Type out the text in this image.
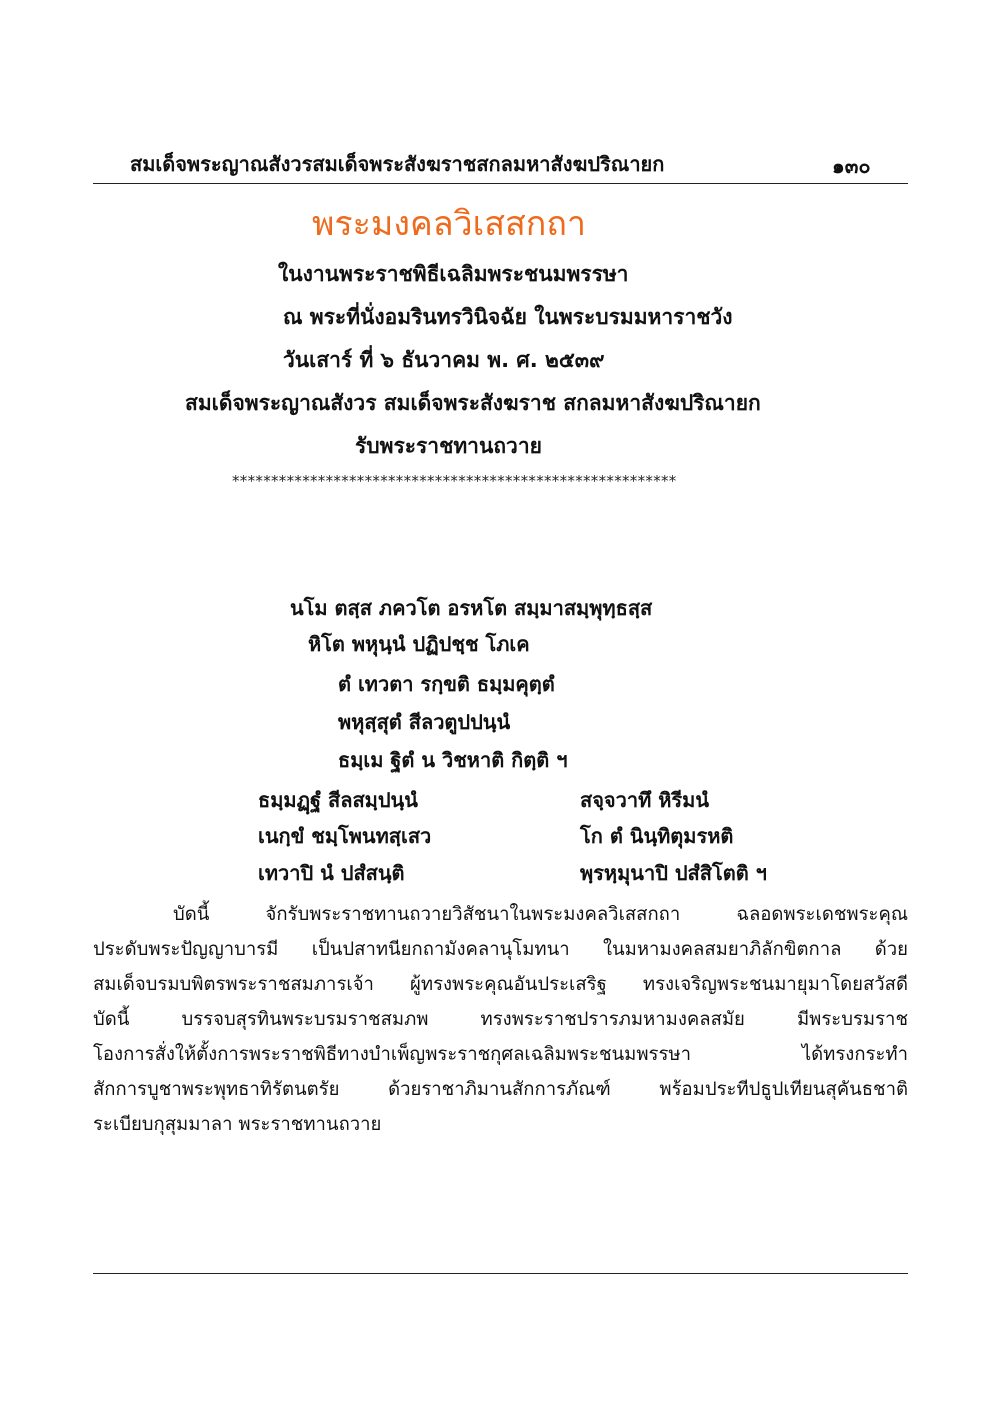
สมเด็จพระญาณสังวรสมเด็จพระสังฆราชสกลมหาสังฆปริณายก	๑๓๐
พระมงคลวิเสสกถา
ในงานพระราชพิธีเฉลิมพระชนมพรรษา
ณ พระที่นั่งอมรินทรวินิจฉัย ในพระบรมมหาราชวัง
วันเสาร์ ที่ ๖ ธันวาคม พ. ศ. ๒๕๓๙
สมเด็จพระญาณสังวร สมเด็จพระสังฆราช สกลมหาสังฆปริณายก
รับพระราชทานถวาย
*********************************************************
นโม ตสฺส ภควโต อรหโต สมฺมาสมฺพุทฺธสฺส
หิโต พหุนฺนํ ปฏิปชฺช โภเค
ตํ เทวตา รกฺขติ ธมฺมคุตฺตํ
พหุสฺสุตํ สีลวตูปปนฺนํ
ธมฺเม ฐิตํ น วิชหาติ กิตฺติ ฯ
ธมฺมฏฺฐํ สีลสมฺปนฺนํ	สจฺจวาทึ หิรีมนํ
เนกฺขํ ชมฺโพนทสฺเสว	โก ตํ นินฺทิตุมรหติ
เทวาปิ นํ ปสํสนฺติ	พฺรหฺมุนาปิ ปสํสิโตติ ฯ
บัดนี้ จักรับพระราชทานถวายวิสัชนาในพระมงคลวิเสสกถา ฉลอดพระเดชพระคุณ
ประดับพระปัญญาบารมี เป็นปสาทนียกถามังคลานุโมทนา ในมหามงคลสมยาภิลักขิตกาล ด้วย
สมเด็จบรมบพิตรพระราชสมภารเจ้า ผู้ทรงพระคุณอันประเสริฐ ทรงเจริญพระชนมายุมาโดยสวัสดี
บัดนี้ บรรจบสุรทินพระบรมราชสมภพ ทรงพระราชปรารภมหามงคลสมัย มีพระบรมราช
โองการสั่งให้ตั้งการพระราชพิธีทางบำเพ็ญพระราชกุศลเฉลิมพระชนมพรรษา ได้ทรงกระทำ
สักการบูชาพระพุทธาทิรัตนตรัย ด้วยราชาภิมานสักการภัณฑ์ พร้อมประทีปธูปเทียนสุคันธชาติ
ระเบียบกุสุมมาลา พระราชทานถวาย
